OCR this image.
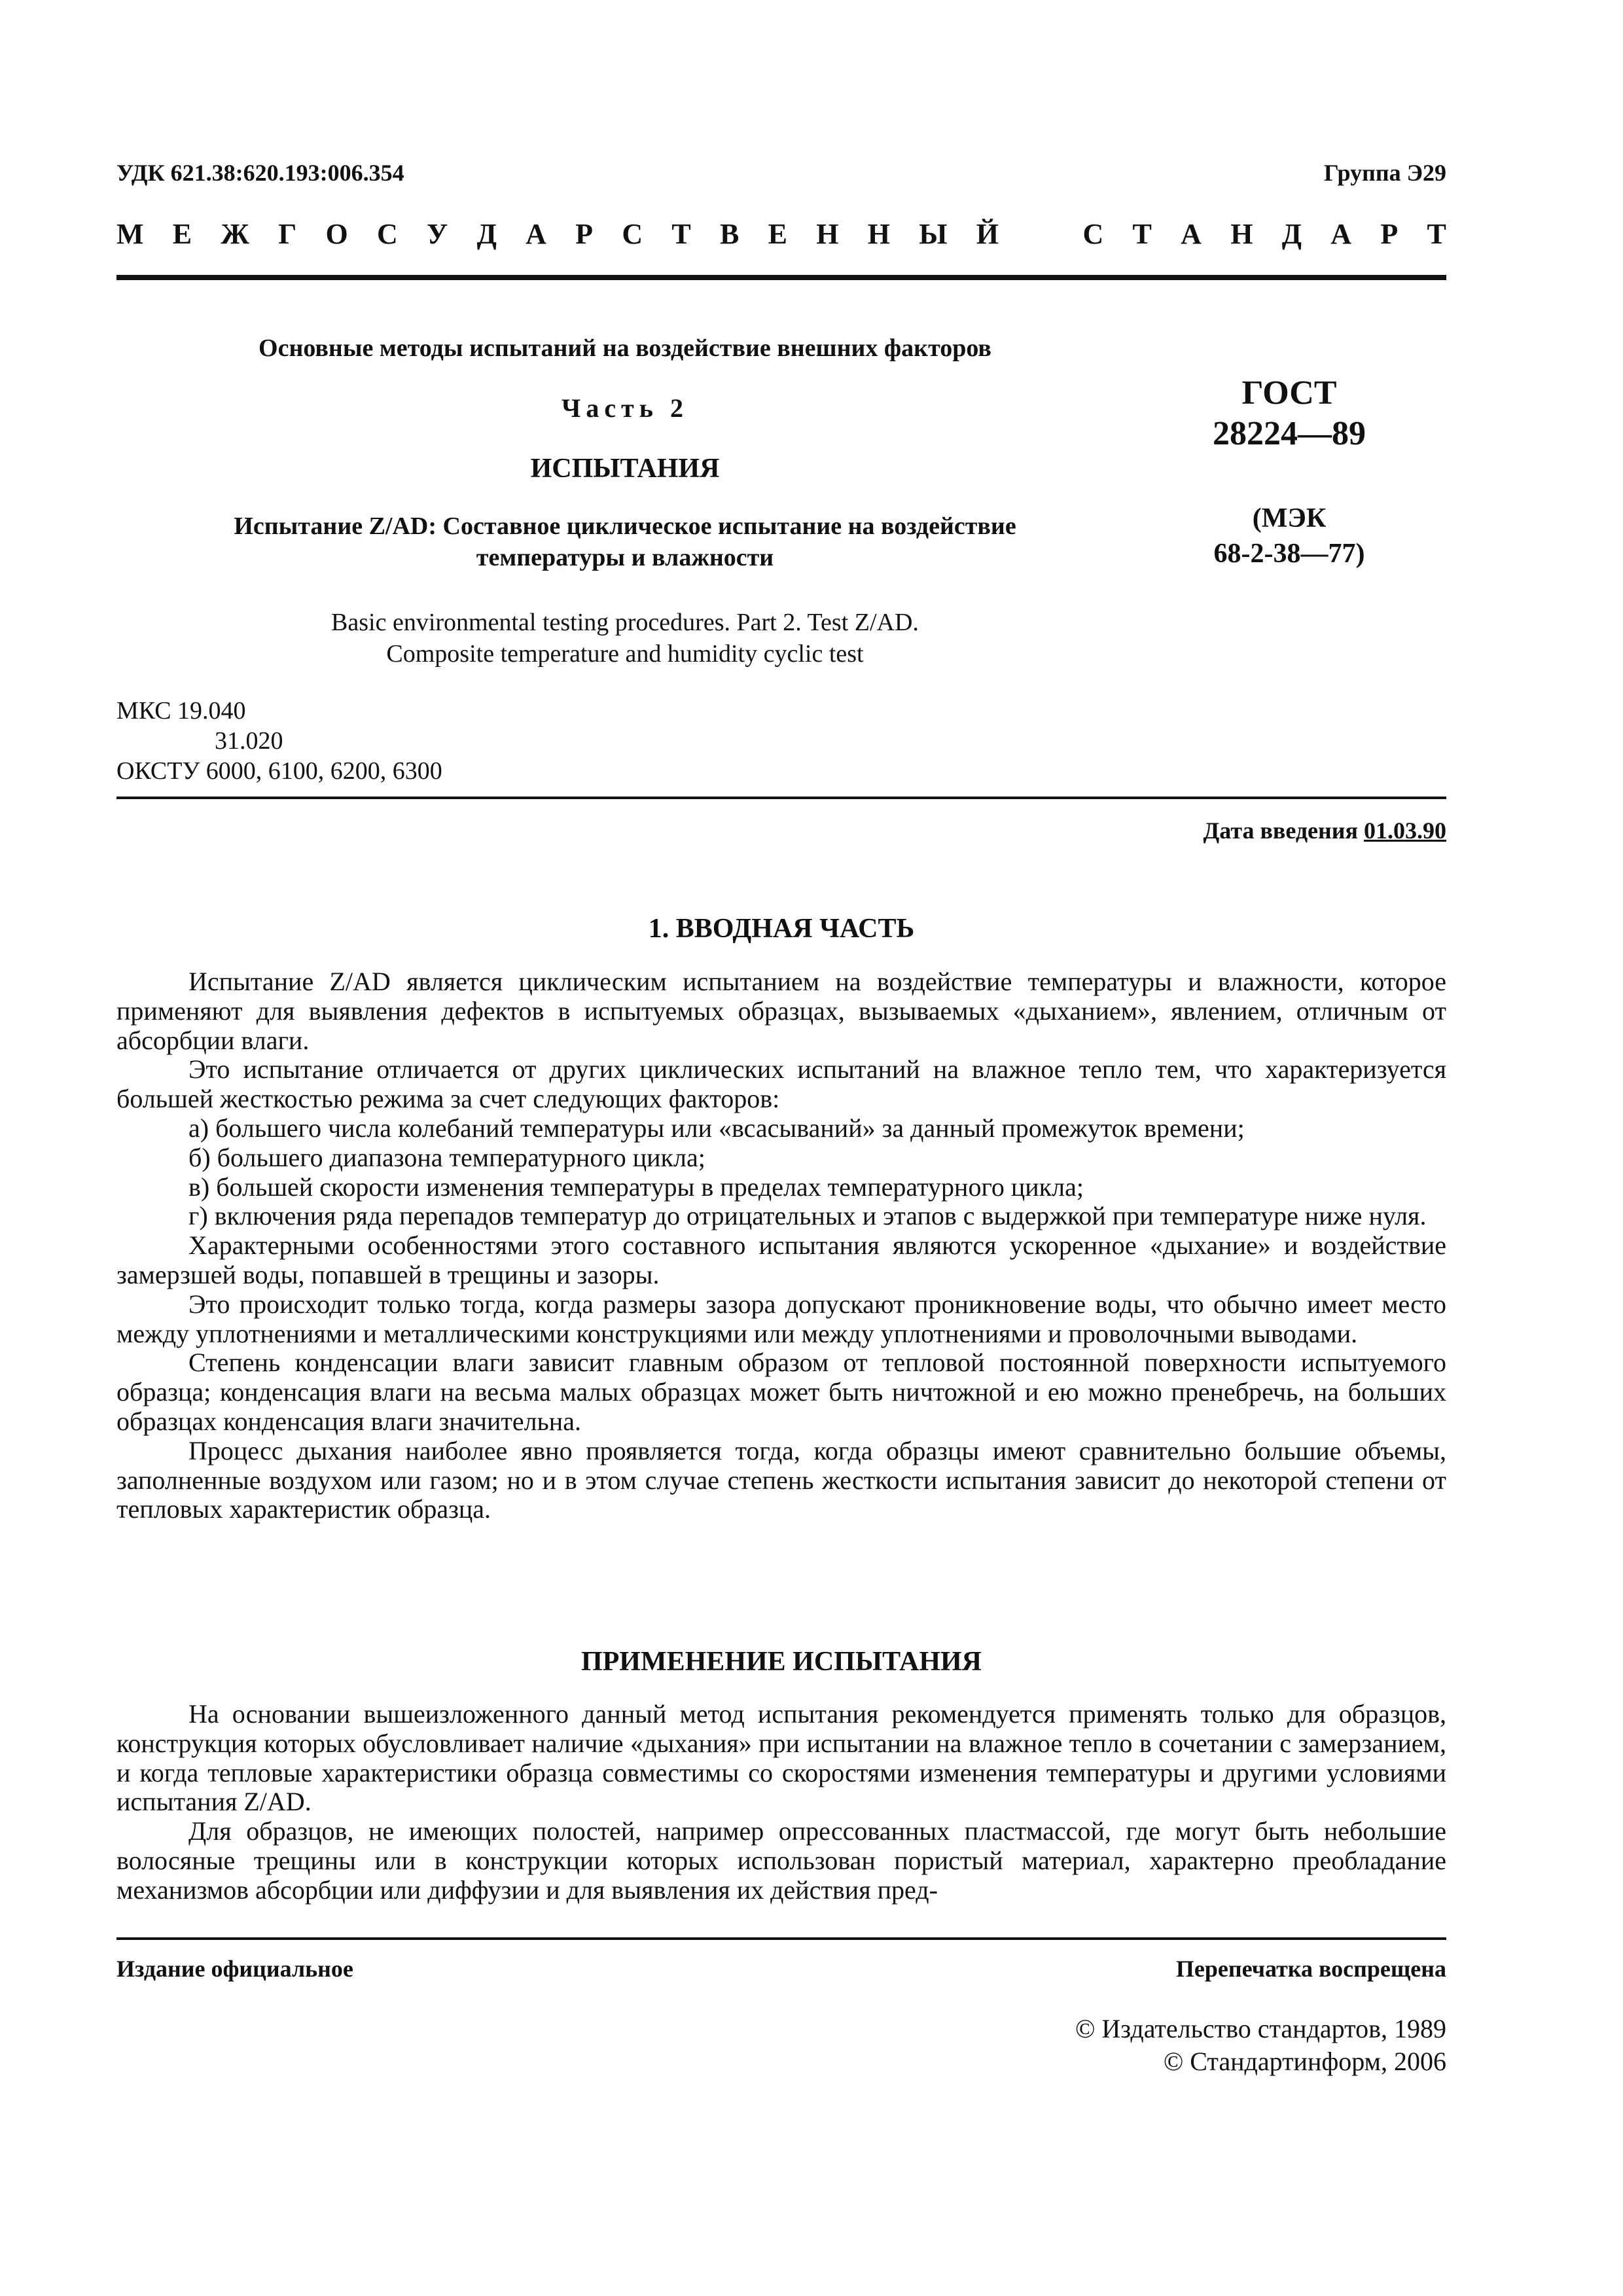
УДК 621.38:620.193:006.354	Группа Э29
М Е Ж Г О С У Д А Р С Т В Е Н Н Ы Й	С Т А Н Д А Р Т
Основные методы испытаний на воздействие внешних факторов
Часть 2
ИСПЫТАНИЯ
Испытание Z/AD: Составное циклическое испытание на воздействие
температуры и влажности
ГОСТ
28224—89
(МЭК
68-2-38—77)
Basic environmental testing procedures. Part 2. Test Z/AD.
Composite temperature and humidity cyclic test
МКС 19.040
31.020
ОКСТУ 6000, 6100, 6200, 6300
Дата введения 01.03.90
1. ВВОДНАЯ ЧАСТЬ

Испытание Z/AD является циклическим испытанием на воздействие температуры и влажности, которое применяют для выявления дефектов в испытуемых образцах, вызываемых «дыханием», явлением, отличным от абсорбции влаги.

Это испытание отличается от других циклических испытаний на влажное тепло тем, что характеризуется большей жесткостью режима за счет следующих факторов:

а) большего числа колебаний температуры или «всасываний» за данный промежуток времени;

б) большего диапазона температурного цикла;

в) большей скорости изменения температуры в пределах температурного цикла;

г) включения ряда перепадов температур до отрицательных и этапов с выдержкой при температуре ниже нуля.

Характерными особенностями этого составного испытания являются ускоренное «дыхание» и воздействие замерзшей воды, попавшей в трещины и зазоры.

Это происходит только тогда, когда размеры зазора допускают проникновение воды, что обычно имеет место между уплотнениями и металлическими конструкциями или между уплотнениями и проволочными выводами.

Степень конденсации влаги зависит главным образом от тепловой постоянной поверхности испытуемого образца; конденсация влаги на весьма малых образцах может быть ничтожной и ею можно пренебречь, на больших образцах конденсация влаги значительна.

Процесс дыхания наиболее явно проявляется тогда, когда образцы имеют сравнительно большие объемы, заполненные воздухом или газом; но и в этом случае степень жесткости испытания зависит до некоторой степени от тепловых характеристик образца.

ПРИМЕНЕНИЕ ИСПЫТАНИЯ

На основании вышеизложенного данный метод испытания рекомендуется применять только для образцов, конструкция которых обусловливает наличие «дыхания» при испытании на влажное тепло в сочетании с замерзанием, и когда тепловые характеристики образца совместимы со скоростями изменения температуры и другими условиями испытания Z/AD.

Для образцов, не имеющих полостей, например опрессованных пластмассой, где могут быть небольшие волосяные трещины или в конструкции которых использован пористый материал, характерно преобладание механизмов абсорбции или диффузии и для выявления их действия пред-

Издание официальное	Перепечатка воспрещена
© Издательство стандартов, 1989
© Стандартинформ, 2006
